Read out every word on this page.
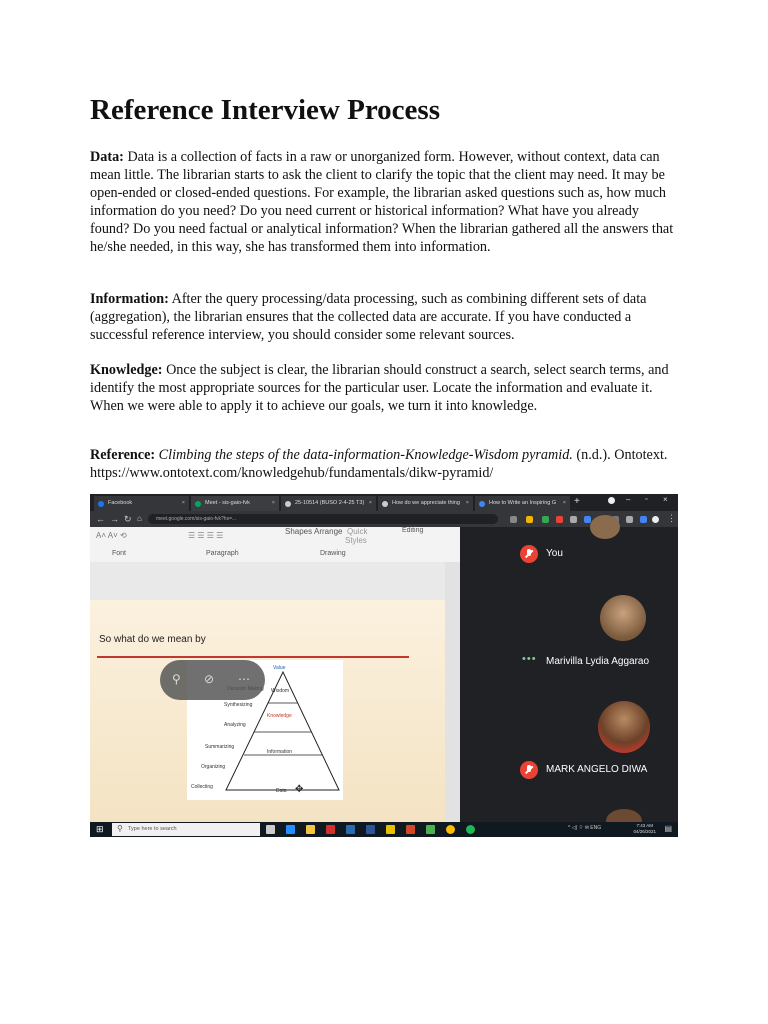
Reference Interview Process

Data: Data is a collection of facts in a raw or unorganized form. However, without context, data can mean little. The librarian starts to ask the client to clarify the topic that the client may need. It may be open-ended or closed-ended questions. For example, the librarian asked questions such as, how much information do you need? Do you need current or historical information? What have you already found? Do you need factual or analytical information? When the librarian gathered all the answers that he/she needed, in this way, she has transformed them into information.

Information: After the query processing/data processing, such as combining different sets of data (aggregation), the librarian ensures that the collected data are accurate. If you have conducted a successful reference interview, you should consider some relevant sources.

Knowledge: Once the subject is clear, the librarian should construct a search, select search terms, and identify the most appropriate sources for the particular user. Locate the information and evaluate it. When we were able to apply it to achieve our goals, we turn it into knowledge.

Reference: Climbing the steps of the data-information-Knowledge-Wisdom pyramid. (n.d.). Ontotext. https://www.ontotext.com/knowledgehub/fundamentals/dikw-pyramid/

Facebook	×	Meet - sis-gaio-fvk	×	25-10514 (BUSO 2-4-25 T3) ×	How do we appreciate thing ×	How to Write an Inspiring G × +	– ▫ ×
← → ↻ ⌂	meet.google.com/sis-gaio-fvk?hs=...	⋮
A˄ A˅ ⟲	☰ ☰ ☰ ☰
Font	Paragraph	Drawing
Shapes Arrange Quick
Styles
Editing
So what do we mean by
Value
Wisdom
Knowledge
Information
Data
Synthesizing
Analyzing
Summarizing
Organizing
Collecting	✥
⚲ ⊘ ⋯
You
••• Marivilla Lydia Aggarao
MARK ANGELO DIWA
⊞	Type here to search
⚲	^ ◁) ⌔ ✉ ENG	7:43 AM
04/26/2021 ▤
